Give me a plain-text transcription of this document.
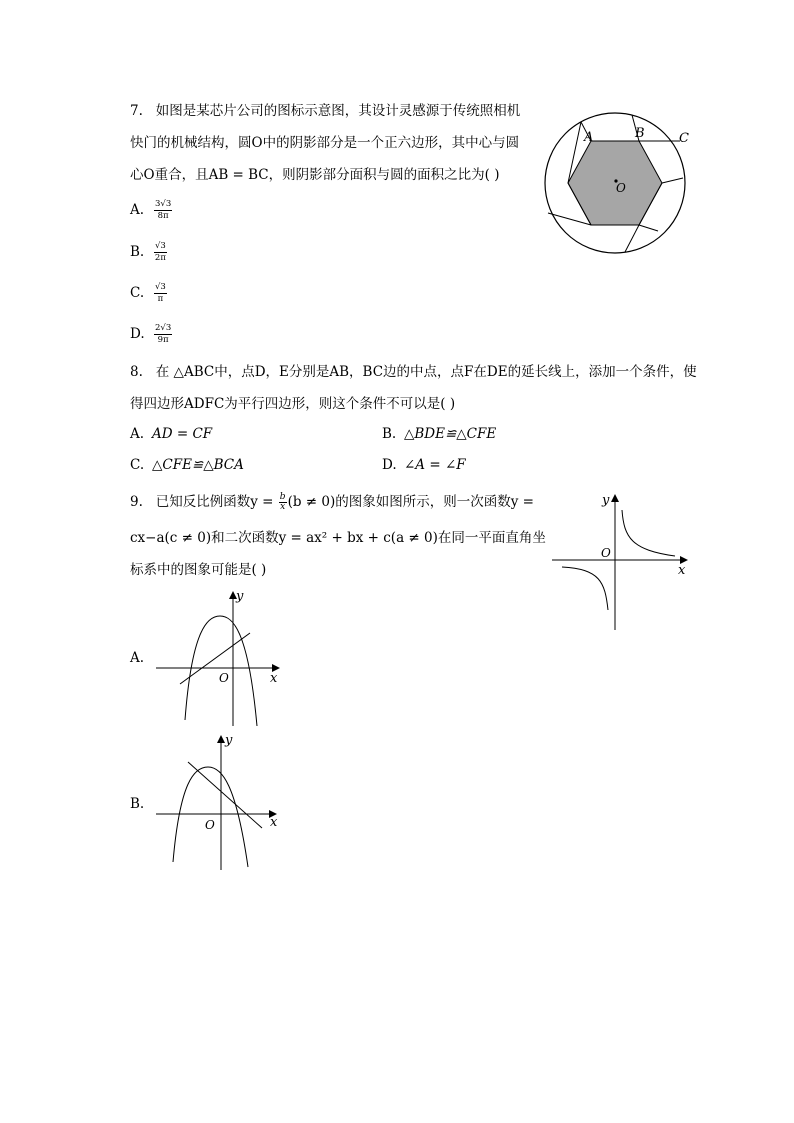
7. 如图是某芯片公司的图标示意图，其设计灵感源于传统照相机
快门的机械结构，圆O中的阴影部分是一个正六边形，其中心与圆
心O重合，且AB = BC，则阴影部分面积与圆的面积之比为( )
A. $\frac{3√3}{8\pi}$
B. $\frac{√3}{2\pi}$
C. $\frac{√3}{\pi}$
D. $\frac{2√3}{9\pi}$
A	B	C
O
8. 在 △ABC中，点D，E分别是AB，BC边的中点，点F在DE的延长线上，添加一个条件，使
得四边形ADFC为平行四边形，则这个条件不可以是( )
A. AD = CF	B. △BDE≌△CFE
C. △CFE≌△BCA	D. ∠A = ∠F
9. 已知反比例函数$y = \frac{b}{x} (b \ne 0)$的图象如图所示，则一次函数y =
cx−a(c ≠ 0)和二次函数y = ax² + bx + c(a ≠ 0)在同一平面直角坐
标系中的图象可能是( )
y
x
O
A.
y
x
O
B.
y
x
O
